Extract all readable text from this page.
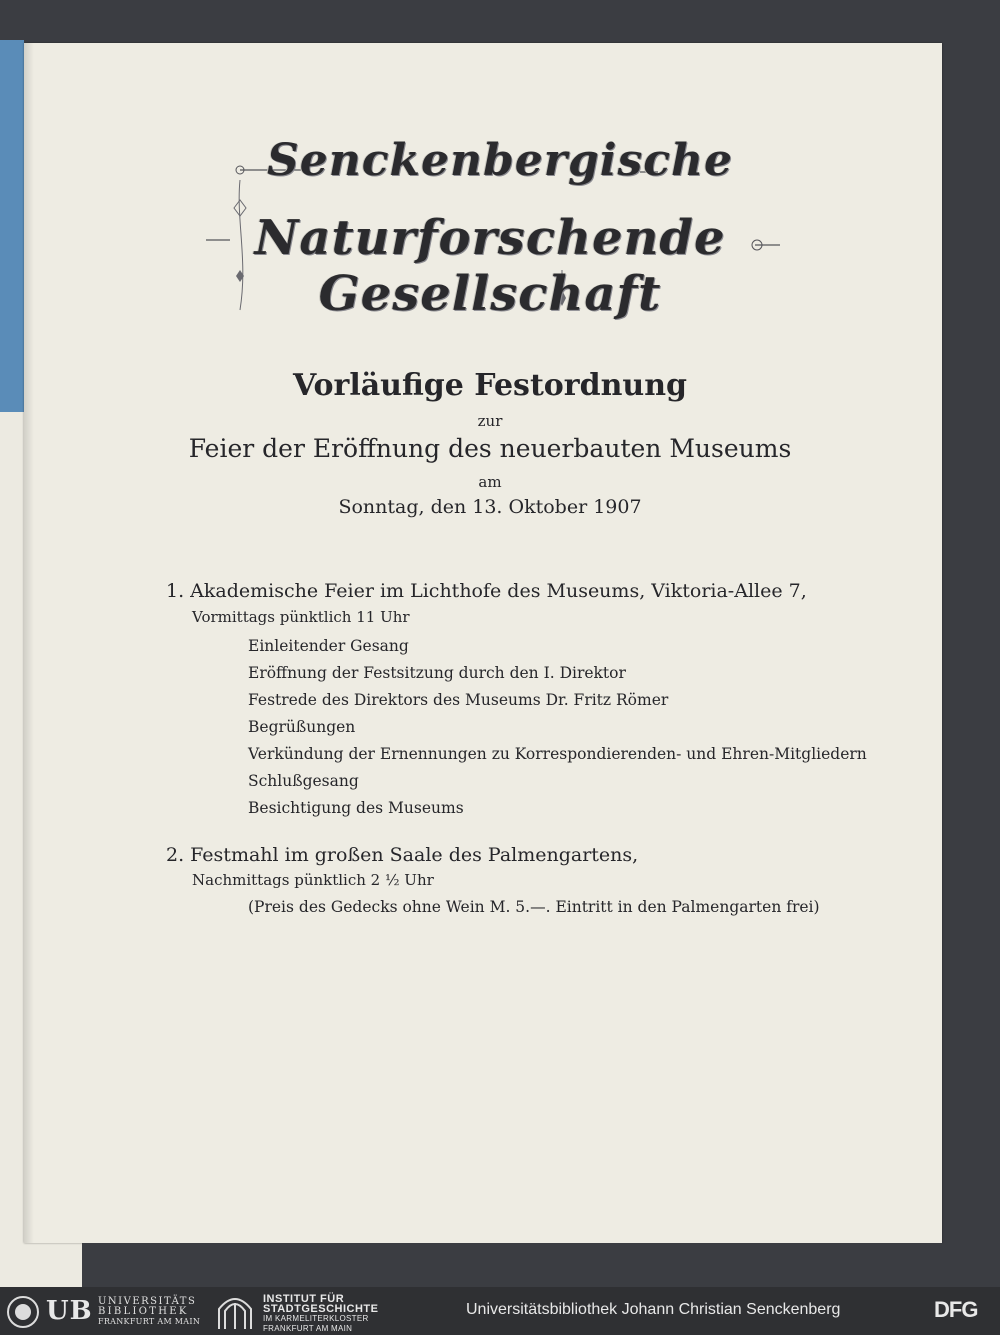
Senckenbergische
Naturforschende Gesellschaft
Vorläufige Festordnung
zur
Feier der Eröffnung des neuerbauten Museums
am
Sonntag, den 13. Oktober 1907
1. Akademische Feier im Lichthofe des Museums, Viktoria-Allee 7,
Vormittags pünktlich 11 Uhr
Einleitender Gesang
Eröffnung der Festsitzung durch den I. Direktor
Festrede des Direktors des Museums Dr. Fritz Römer
Begrüßungen
Verkündung der Ernennungen zu Korrespondierenden- und Ehren-Mitgliedern
Schlußgesang
Besichtigung des Museums
2. Festmahl im großen Saale des Palmengartens,
Nachmittags pünktlich 2 ½ Uhr
(Preis des Gedecks ohne Wein M. 5.—. Eintritt in den Palmengarten frei)
UB UNIVERSITÄTS
BIBLIOTHEK
FRANKFURT AM MAIN
INSTITUT FÜR
STADTGESCHICHTE
IM KARMELITERKLOSTER
FRANKFURT AM MAIN
Universitätsbibliothek Johann Christian Senckenberg	DFG
